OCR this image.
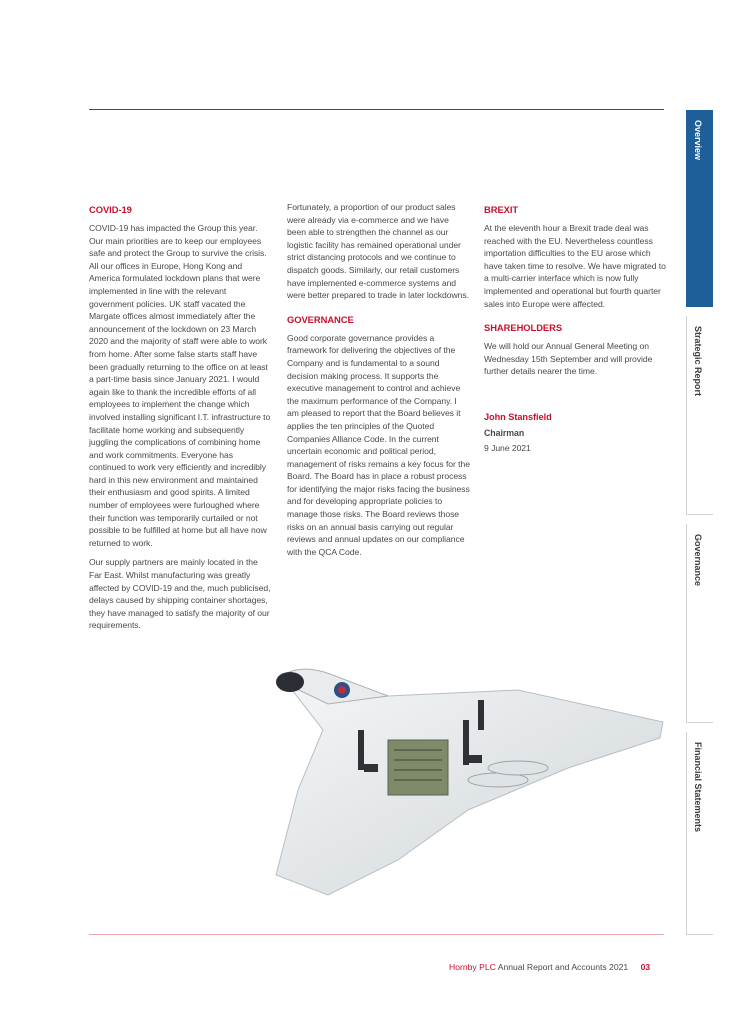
COVID-19

COVID-19 has impacted the Group this year. Our main priorities are to keep our employees safe and protect the Group to survive the crisis. All our offices in Europe, Hong Kong and America formulated lockdown plans that were implemented in line with the relevant government policies. UK staff vacated the Margate offices almost immediately after the announcement of the lockdown on 23 March 2020 and the majority of staff were able to work from home. After some false starts staff have been gradually returning to the office on at least a part-time basis since January 2021. I would again like to thank the incredible efforts of all employees to implement the change which involved installing significant I.T. infrastructure to facilitate home working and subsequently juggling the complications of combining home and work commitments. Everyone has continued to work very efficiently and incredibly hard in this new environment and maintained their enthusiasm and good spirits. A limited number of employees were furloughed where their function was temporarily curtailed or not possible to be fulfilled at home but all have now returned to work.

Our supply partners are mainly located in the Far East. Whilst manufacturing was greatly affected by COVID-19 and the, much publicised, delays caused by shipping container shortages, they have managed to satisfy the majority of our requirements.

Fortunately, a proportion of our product sales were already via e-commerce and we have been able to strengthen the channel as our logistic facility has remained operational under strict distancing protocols and we continue to dispatch goods. Similarly, our retail customers have implemented e-commerce systems and were better prepared to trade in later lockdowns.

GOVERNANCE

Good corporate governance provides a framework for delivering the objectives of the Company and is fundamental to a sound decision making process. It supports the executive management to control and achieve the maximum performance of the Company. I am pleased to report that the Board believes it applies the ten principles of the Quoted Companies Alliance Code. In the current uncertain economic and political period, management of risks remains a key focus for the Board. The Board has in place a robust process for identifying the major risks facing the business and for developing appropriate policies to manage those risks. The Board reviews those risks on an annual basis carrying out regular reviews and annual updates on our compliance with the QCA Code.

BREXIT

At the eleventh hour a Brexit trade deal was reached with the EU. Nevertheless countless importation difficulties to the EU arose which have taken time to resolve. We have migrated to a multi-carrier interface which is now fully implemented and operational but fourth quarter sales into Europe were affected.

SHAREHOLDERS

We will hold our Annual General Meeting on Wednesday 15th September and will provide further details nearer the time.

John Stansfield
Chairman
9 June 2021
Overview
Strategic Report
Governance
Financial Statements
Hornby PLC Annual Report and Accounts 2021 03
